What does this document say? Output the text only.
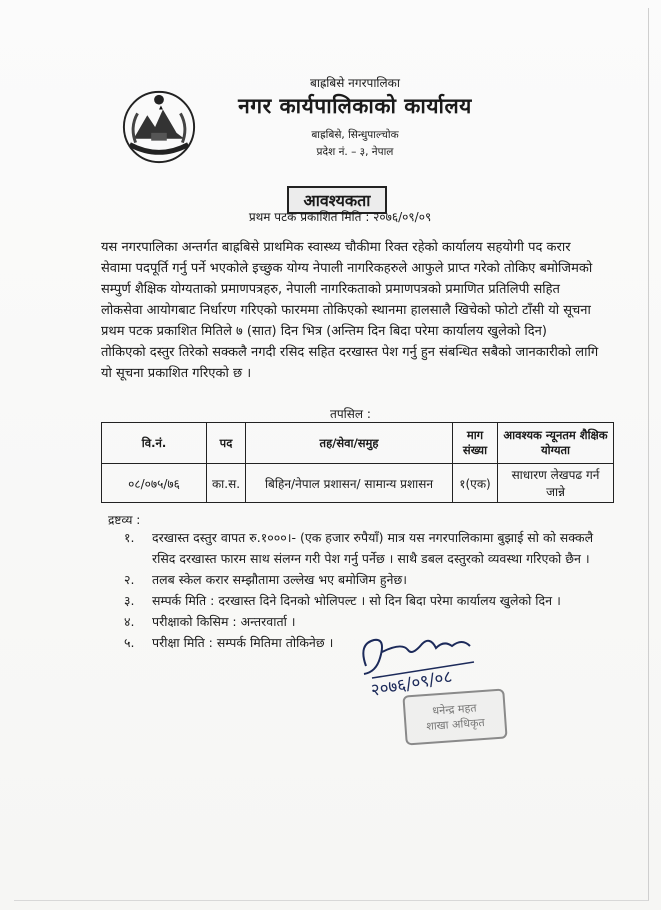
बाह्रबिसे नगरपालिका
नगर कार्यपालिकाको कार्यालय
बाह्रबिसे, सिन्धुपाल्चोक
प्रदेश नं. – ३, नेपाल
आवश्यकता
प्रथम पटक प्रकाशित मिति : २०७६/०९/०९
यस नगरपालिका अन्तर्गत बाह्रबिसे प्राथमिक स्वास्थ्य चौकीमा रिक्त रहेको कार्यालय सहयोगी पद करार
सेवामा पदपूर्ति गर्नु पर्ने भएकोले इच्छुक योग्य नेपाली नागरिकहरुले आफुले प्राप्त गरेको तोकिए बमोजिमको
सम्पुर्ण शैक्षिक योग्यताको प्रमाणपत्रहरु, नेपाली नागरिकताको प्रमाणपत्रको प्रमाणित प्रतिलिपी सहित
लोकसेवा आयोगबाट निर्धारण गरिएको फारममा तोकिएको स्थानमा हालसालै खिचेको फोटो टाँसी यो सूचना
प्रथम पटक प्रकाशित मितिले ७ (सात) दिन भित्र (अन्तिम दिन बिदा परेमा कार्यालय खुलेको दिन)
तोकिएको दस्तुर तिरेको सक्कलै नगदी रसिद सहित दरखास्त पेश गर्नु हुन संबन्धित सबैको जानकारीको लागि
यो सूचना प्रकाशित गरिएको छ ।
तपसिल :
वि.नं.	पद	तह/सेवा/समुह	माग संख्या	आवश्यक न्यूनतम शैक्षिक योग्यता
०८/०७५/७६	का.स.	बिहिन/नेपाल प्रशासन/ सामान्य प्रशासन	१(एक)	साधारण लेखपढ गर्न जान्ने
द्रष्टव्य :
१. दरखास्त दस्तुर वापत रु.१०००।- (एक हजार रुपैयाँ) मात्र यस नगरपालिकामा बुझाई सो को सक्कलै रसिद दरखास्त फारम साथ संलग्न गरी पेश गर्नु पर्नेछ । साथै डबल दस्तुरको व्यवस्था गरिएको छैन ।
२. तलब स्केल करार सम्झौतामा उल्लेख भए बमोजिम हुनेछ।
३. सम्पर्क मिति : दरखास्त दिने दिनको भोलिपल्ट । सो दिन बिदा परेमा कार्यालय खुलेको दिन ।
४. परीक्षाको किसिम : अन्तरवार्ता ।
५. परीक्षा मिति : सम्पर्क मितिमा तोकिनेछ ।
२०७६/०९/०८
धनेन्द्र महत
शाखा अधिकृत
